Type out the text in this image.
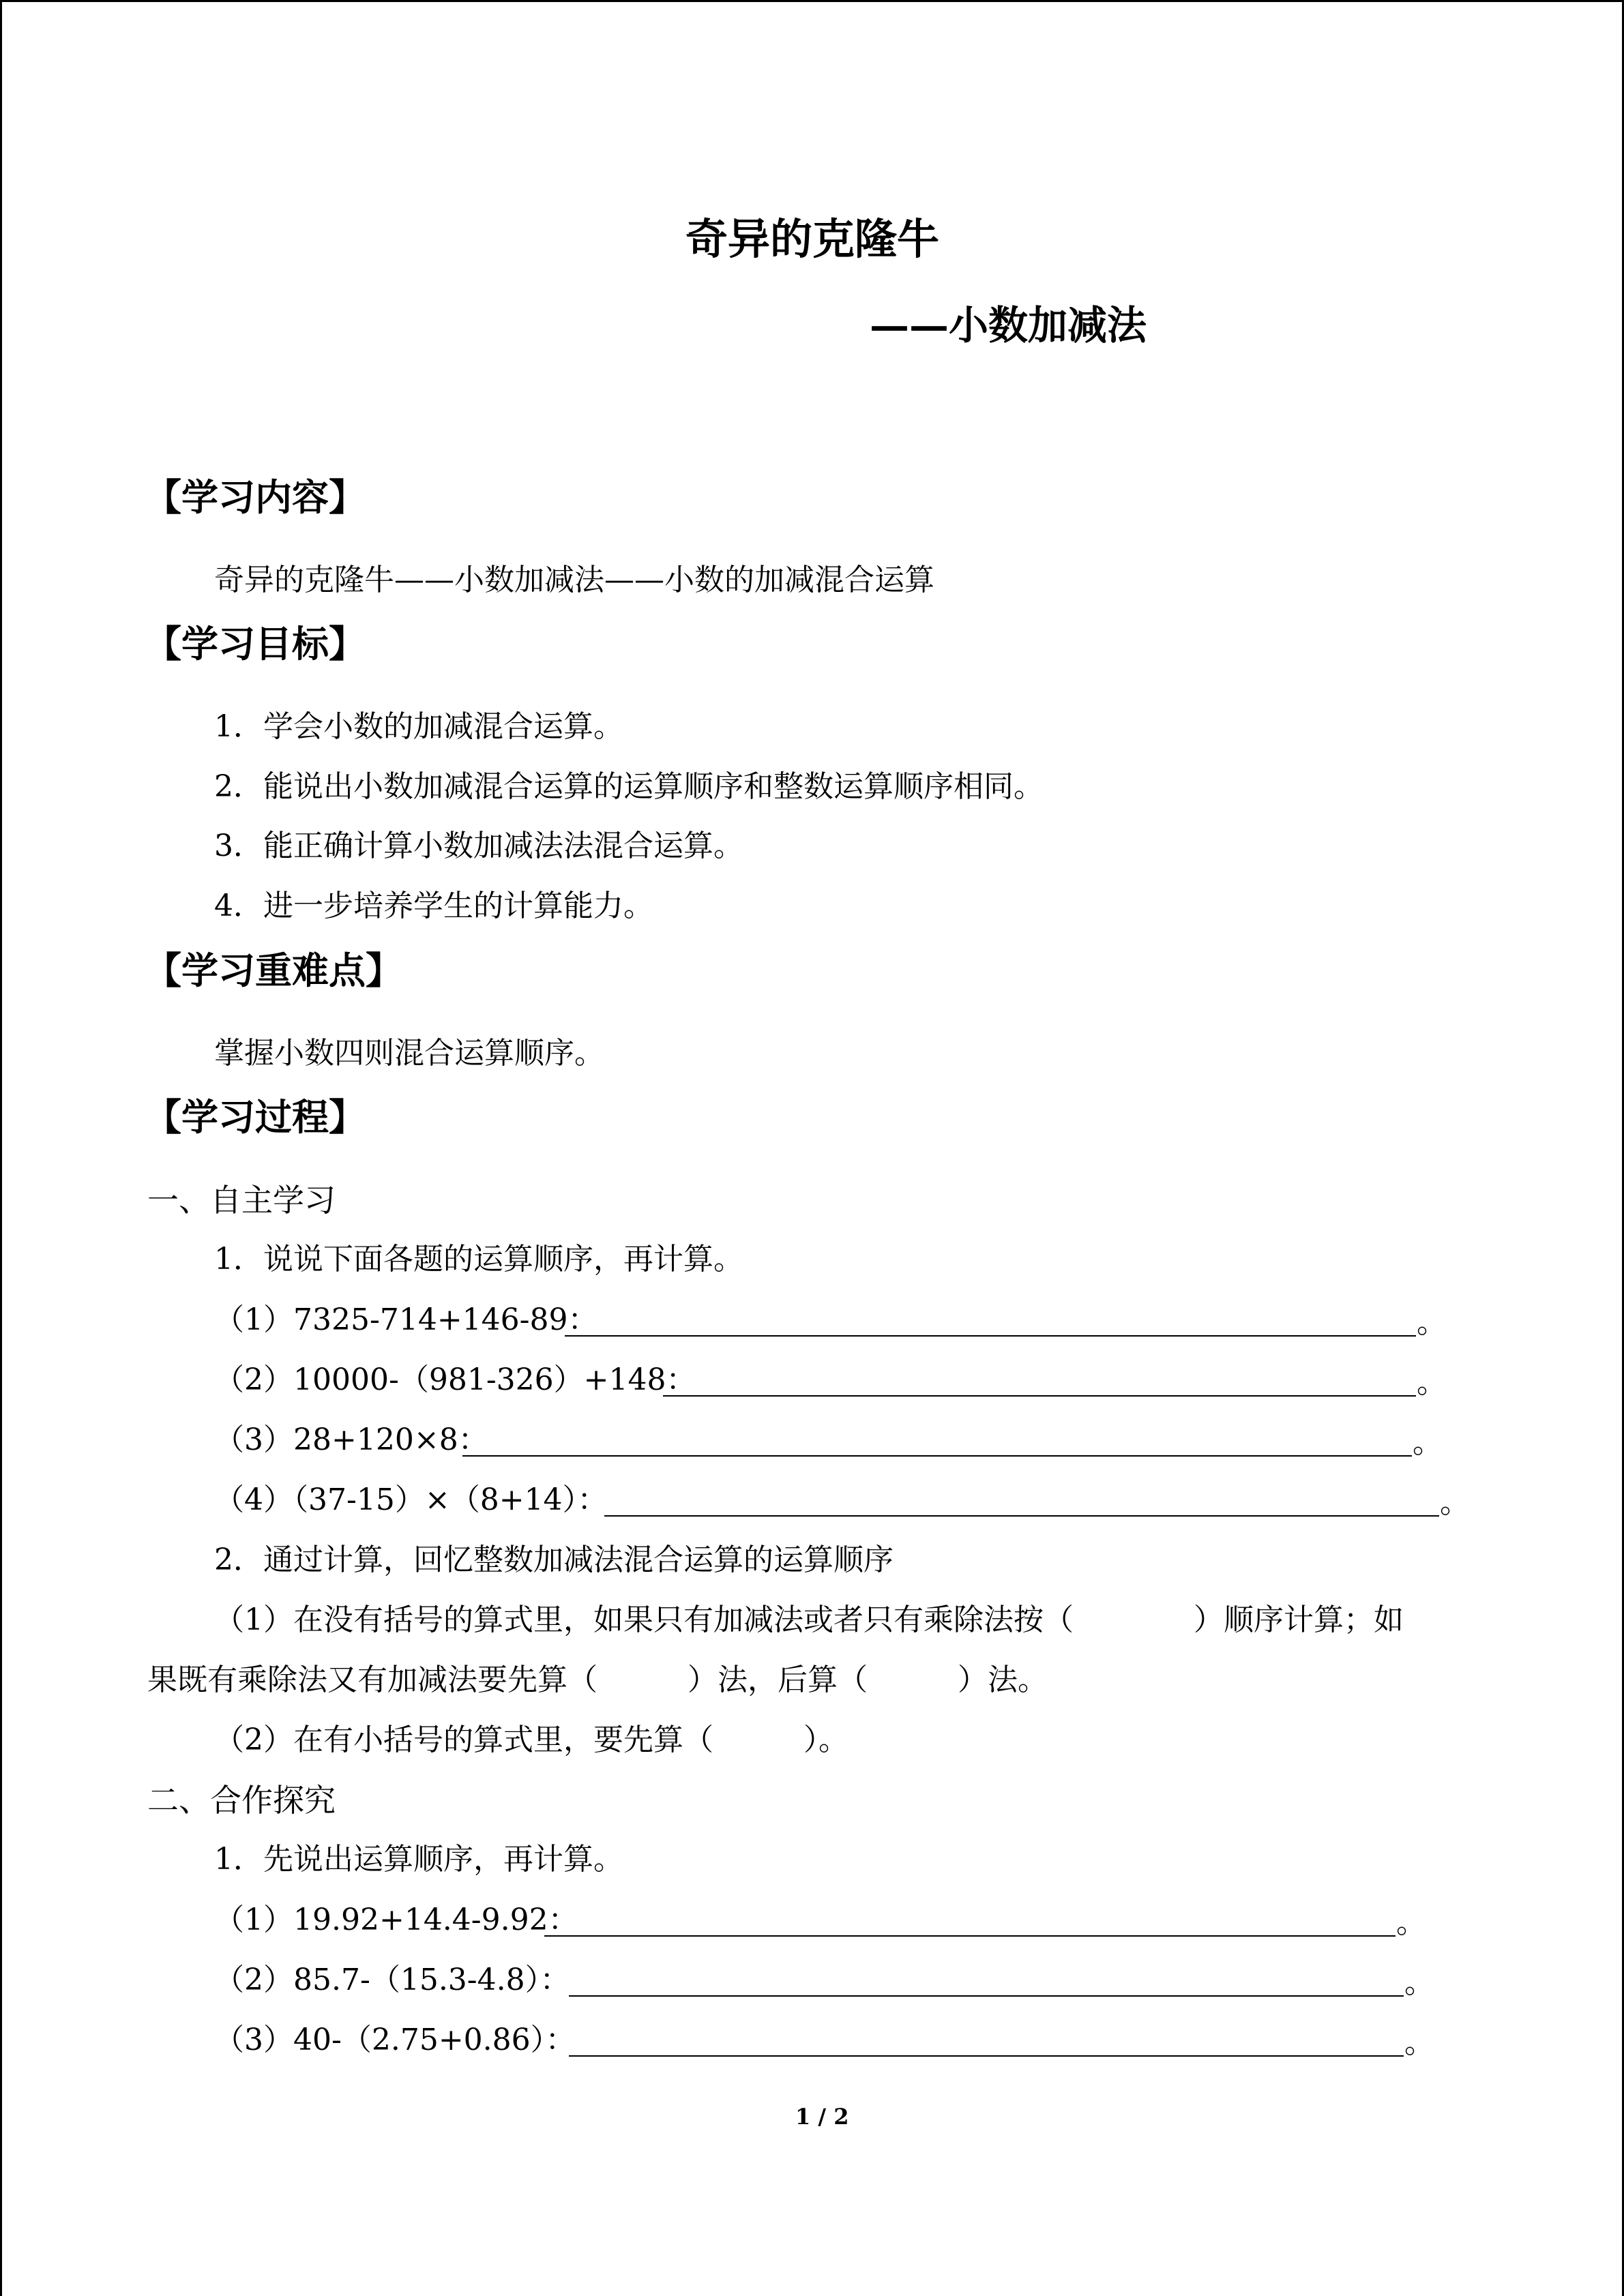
奇异的克隆牛
——小数加减法
【学习内容】
奇异的克隆牛——小数加减法——小数的加减混合运算
【学习目标】
1．学会小数的加减混合运算。
2．能说出小数加减混合运算的运算顺序和整数运算顺序相同。
3．能正确计算小数加减法法混合运算。
4．进一步培养学生的计算能力。
【学习重难点】
掌握小数四则混合运算顺序。
【学习过程】
一、自主学习
1．说说下面各题的运算顺序，再计算。
（1）7325-714+146-89：	。
（2）10000-（981-326）+148：	。
（3）28+120×8：	。
（4）（37-15）×（8+14）：	。
2．通过计算，回忆整数加减法混合运算的运算顺序
（1）在没有括号的算式里，如果只有加减法或者只有乘除法按（　　　　）顺序计算；如
果既有乘除法又有加减法要先算（　　　）法，后算（　　　）法。
（2）在有小括号的算式里，要先算（　　　）。
二、合作探究
1．先说出运算顺序，再计算。
（1）19.92+14.4-9.92：	。
（2）85.7-（15.3-4.8）：	。
（3）40-（2.75+0.86）：	。
1 / 2
